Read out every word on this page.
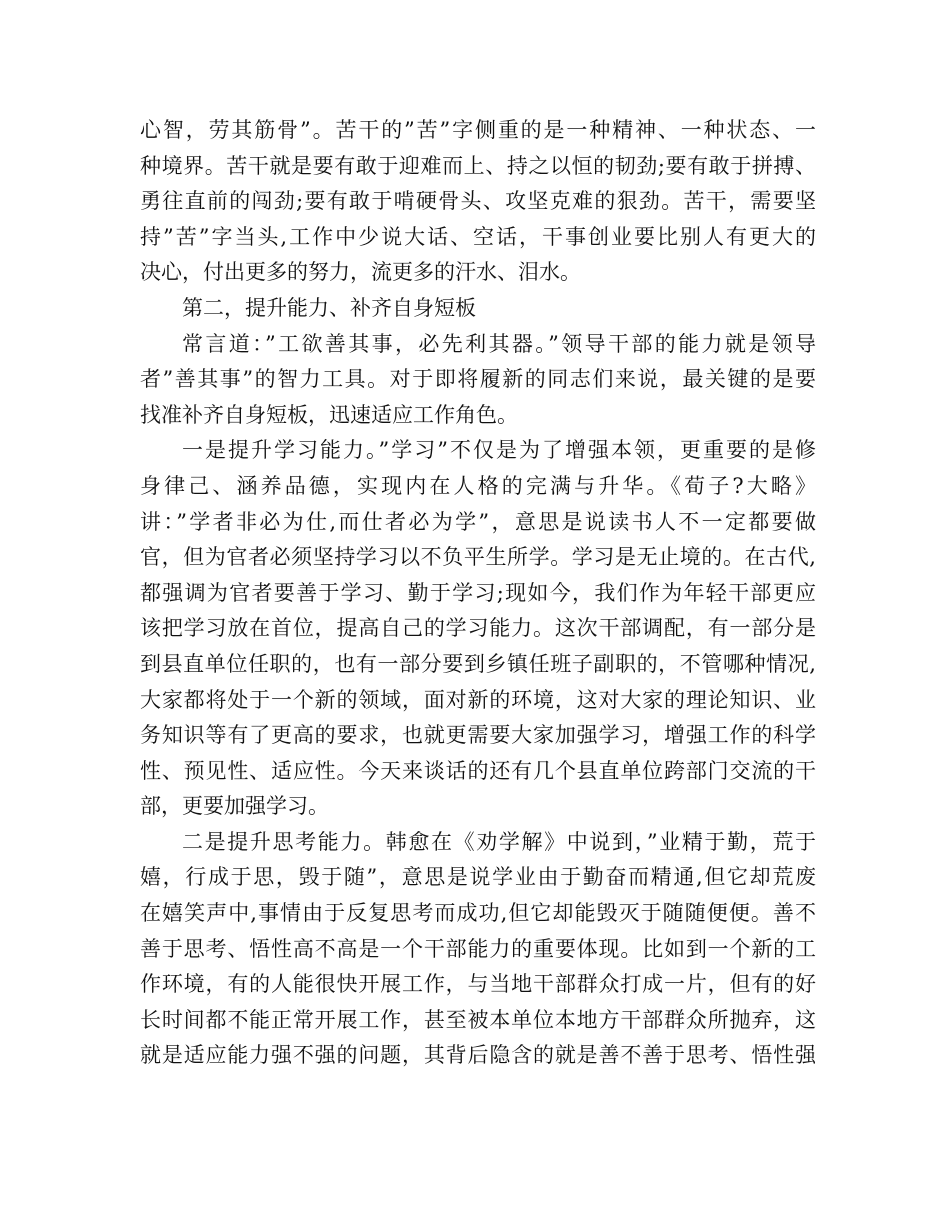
心智，劳其筋骨”。苦干的”苦”字侧重的是一种精神、一种状态、一
种境界。苦干就是要有敢于迎难而上、持之以恒的韧劲;要有敢于拼搏、
勇往直前的闯劲;要有敢于啃硬骨头、攻坚克难的狠劲。苦干，需要坚
持”苦”字当头,工作中少说大话、空话，干事创业要比别人有更大的
决心，付出更多的努力，流更多的汗水、泪水。
第二，提升能力、补齐自身短板
常言道：”工欲善其事，必先利其器。”领导干部的能力就是领导
者”善其事”的智力工具。对于即将履新的同志们来说，最关键的是要
找准补齐自身短板，迅速适应工作角色。
一是提升学习能力。”学习”不仅是为了增强本领，更重要的是修
身律己、涵养品德，实现内在人格的完满与升华。《荀子?大略》
讲：”学者非必为仕,而仕者必为学”，意思是说读书人不一定都要做
官，但为官者必须坚持学习以不负平生所学。学习是无止境的。在古代,
都强调为官者要善于学习、勤于学习;现如今，我们作为年轻干部更应
该把学习放在首位，提高自己的学习能力。这次干部调配，有一部分是
到县直单位任职的，也有一部分要到乡镇任班子副职的，不管哪种情况,
大家都将处于一个新的领域，面对新的环境，这对大家的理论知识、业
务知识等有了更高的要求，也就更需要大家加强学习，增强工作的科学
性、预见性、适应性。今天来谈话的还有几个县直单位跨部门交流的干
部，更要加强学习。
二是提升思考能力。韩愈在《劝学解》中说到，”业精于勤，荒于
嬉，行成于思，毁于随”，意思是说学业由于勤奋而精通,但它却荒废
在嬉笑声中,事情由于反复思考而成功,但它却能毁灭于随随便便。善不
善于思考、悟性高不高是一个干部能力的重要体现。比如到一个新的工
作环境，有的人能很快开展工作，与当地干部群众打成一片，但有的好
长时间都不能正常开展工作，甚至被本单位本地方干部群众所抛弃，这
就是适应能力强不强的问题，其背后隐含的就是善不善于思考、悟性强
